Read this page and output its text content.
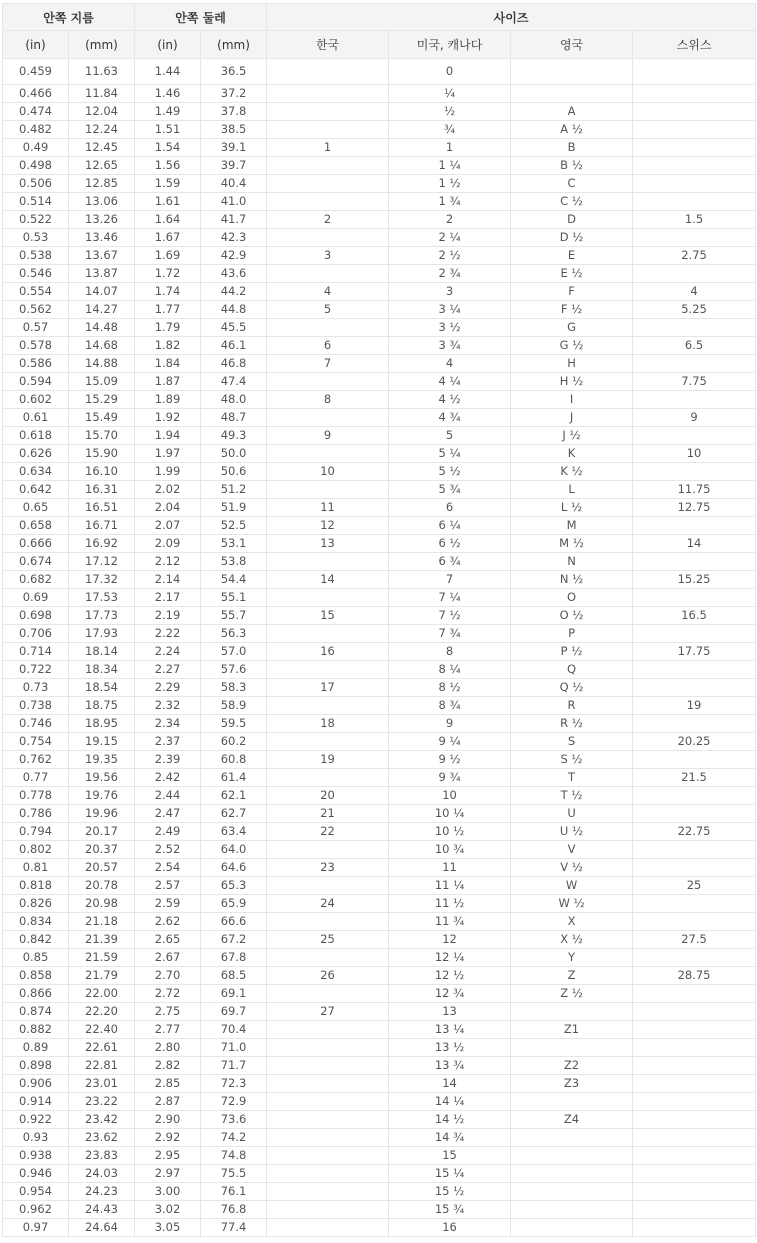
안쪽 지름		안쪽 둘레		사이즈			
(in)	(mm)	(in)	(mm)	한국	미국, 캐나다	영국	스위스
0.459	11.63	1.44	36.5		0		
0.466	11.84	1.46	37.2		¼		
0.474	12.04	1.49	37.8		½	A	
0.482	12.24	1.51	38.5		¾	A ½	
0.49	12.45	1.54	39.1	1	1	B	
0.498	12.65	1.56	39.7		1 ¼	B ½	
0.506	12.85	1.59	40.4		1 ½	C	
0.514	13.06	1.61	41.0		1 ¾	C ½	
0.522	13.26	1.64	41.7	2	2	D	1.5
0.53	13.46	1.67	42.3		2 ¼	D ½	
0.538	13.67	1.69	42.9	3	2 ½	E	2.75
0.546	13.87	1.72	43.6		2 ¾	E ½	
0.554	14.07	1.74	44.2	4	3	F	4
0.562	14.27	1.77	44.8	5	3 ¼	F ½	5.25
0.57	14.48	1.79	45.5		3 ½	G	
0.578	14.68	1.82	46.1	6	3 ¾	G ½	6.5
0.586	14.88	1.84	46.8	7	4	H	
0.594	15.09	1.87	47.4		4 ¼	H ½	7.75
0.602	15.29	1.89	48.0	8	4 ½	I	
0.61	15.49	1.92	48.7		4 ¾	J	9
0.618	15.70	1.94	49.3	9	5	J ½	
0.626	15.90	1.97	50.0		5 ¼	K	10
0.634	16.10	1.99	50.6	10	5 ½	K ½	
0.642	16.31	2.02	51.2		5 ¾	L	11.75
0.65	16.51	2.04	51.9	11	6	L ½	12.75
0.658	16.71	2.07	52.5	12	6 ¼	M	
0.666	16.92	2.09	53.1	13	6 ½	M ½	14
0.674	17.12	2.12	53.8		6 ¾	N	
0.682	17.32	2.14	54.4	14	7	N ½	15.25
0.69	17.53	2.17	55.1		7 ¼	O	
0.698	17.73	2.19	55.7	15	7 ½	O ½	16.5
0.706	17.93	2.22	56.3		7 ¾	P	
0.714	18.14	2.24	57.0	16	8	P ½	17.75
0.722	18.34	2.27	57.6		8 ¼	Q	
0.73	18.54	2.29	58.3	17	8 ½	Q ½	
0.738	18.75	2.32	58.9		8 ¾	R	19
0.746	18.95	2.34	59.5	18	9	R ½	
0.754	19.15	2.37	60.2		9 ¼	S	20.25
0.762	19.35	2.39	60.8	19	9 ½	S ½	
0.77	19.56	2.42	61.4		9 ¾	T	21.5
0.778	19.76	2.44	62.1	20	10	T ½	
0.786	19.96	2.47	62.7	21	10 ¼	U	
0.794	20.17	2.49	63.4	22	10 ½	U ½	22.75
0.802	20.37	2.52	64.0		10 ¾	V	
0.81	20.57	2.54	64.6	23	11	V ½	
0.818	20.78	2.57	65.3		11 ¼	W	25
0.826	20.98	2.59	65.9	24	11 ½	W ½	
0.834	21.18	2.62	66.6		11 ¾	X	
0.842	21.39	2.65	67.2	25	12	X ½	27.5
0.85	21.59	2.67	67.8		12 ¼	Y	
0.858	21.79	2.70	68.5	26	12 ½	Z	28.75
0.866	22.00	2.72	69.1		12 ¾	Z ½	
0.874	22.20	2.75	69.7	27	13		
0.882	22.40	2.77	70.4		13 ¼	Z1	
0.89	22.61	2.80	71.0		13 ½		
0.898	22.81	2.82	71.7		13 ¾	Z2	
0.906	23.01	2.85	72.3		14	Z3	
0.914	23.22	2.87	72.9		14 ¼		
0.922	23.42	2.90	73.6		14 ½	Z4	
0.93	23.62	2.92	74.2		14 ¾		
0.938	23.83	2.95	74.8		15		
0.946	24.03	2.97	75.5		15 ¼		
0.954	24.23	3.00	76.1		15 ½		
0.962	24.43	3.02	76.8		15 ¾		
0.97	24.64	3.05	77.4		16		
